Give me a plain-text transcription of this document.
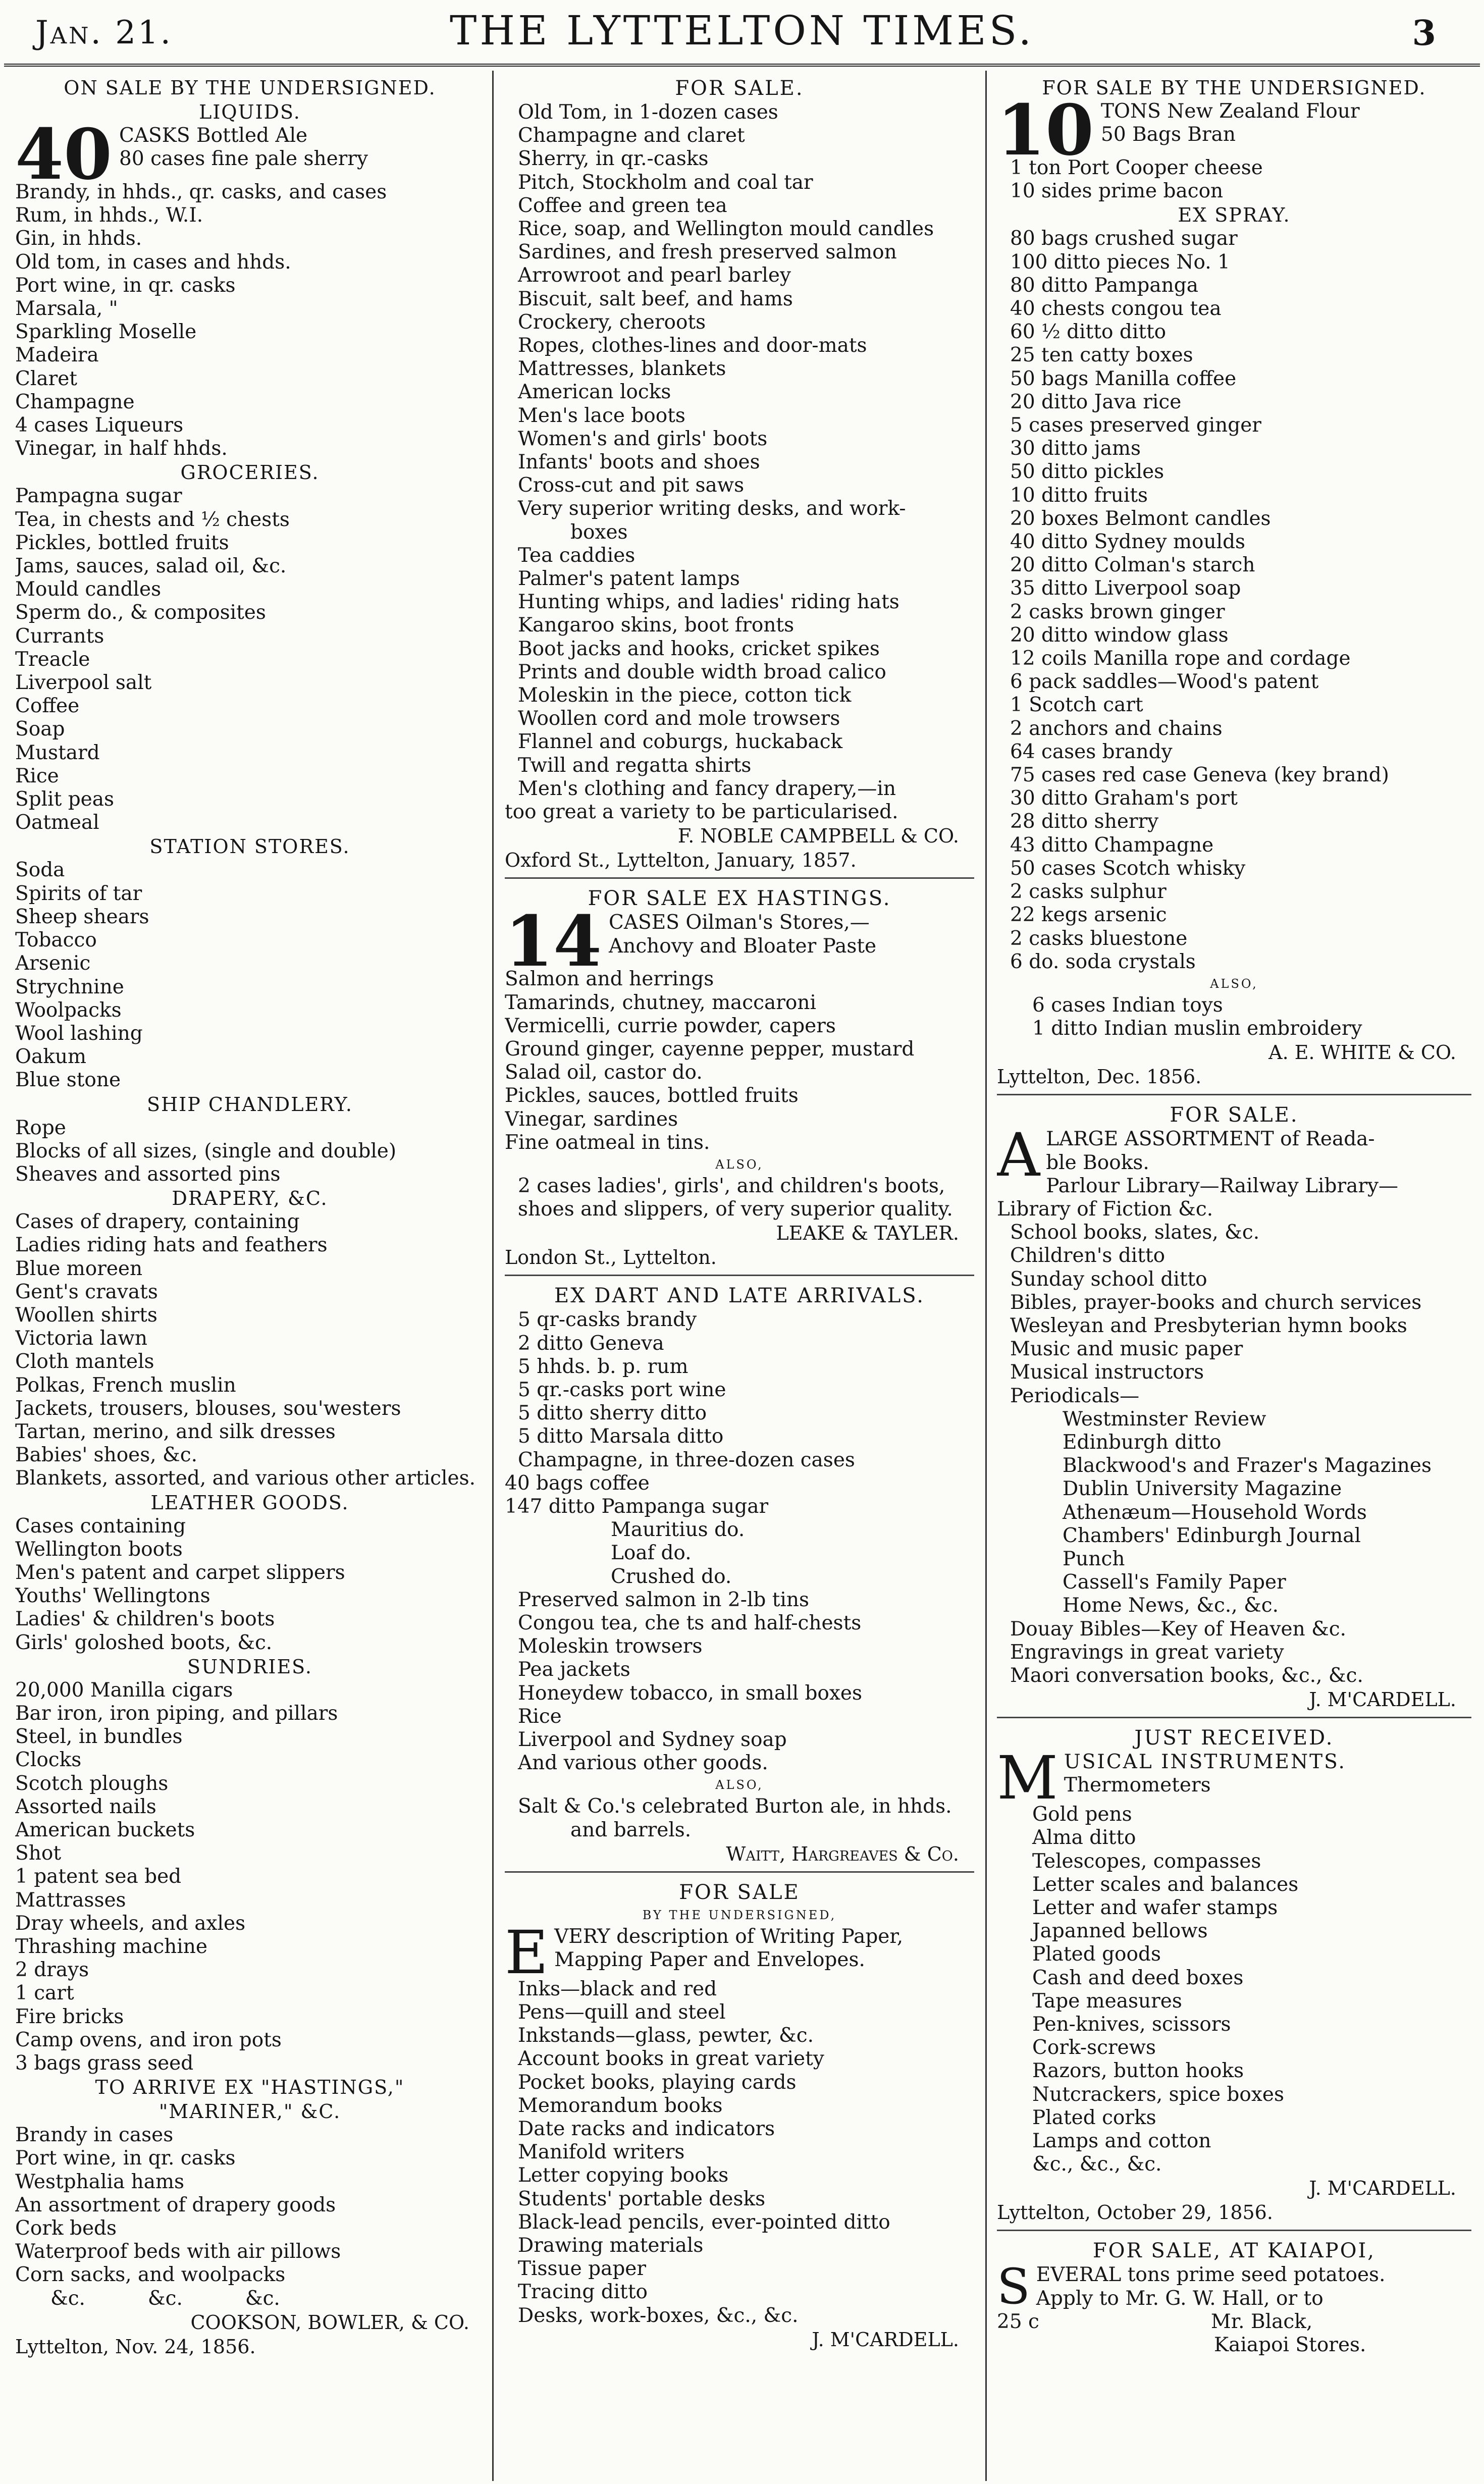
Jan. 21.	THE LYTTELTON TIMES.	3
ON SALE BY THE UNDERSIGNED.
LIQUIDS.
40 CASKS Bottled Ale
80 cases fine pale sherry
Brandy, in hhds., qr. casks, and cases
Rum, in hhds., W.I.
Gin, in hhds.
Old tom, in cases and hhds.
Port wine, in qr. casks
Marsala, "
Sparkling Moselle
Madeira
Claret
Champagne
4 cases Liqueurs
Vinegar, in half hhds.
GROCERIES.
Pampagna sugar
Tea, in chests and ½ chests
Pickles, bottled fruits
Jams, sauces, salad oil, &c.
Mould candles
Sperm do., & composites
Currants
Treacle
Liverpool salt
Coffee
Soap
Mustard
Rice
Split peas
Oatmeal
STATION STORES.
Soda
Spirits of tar
Sheep shears
Tobacco
Arsenic
Strychnine
Woolpacks
Wool lashing
Oakum
Blue stone
SHIP CHANDLERY.
Rope
Blocks of all sizes, (single and double)
Sheaves and assorted pins
DRAPERY, &C.
Cases of drapery, containing
Ladies riding hats and feathers
Blue moreen
Gent's cravats
Woollen shirts
Victoria lawn
Cloth mantels
Polkas, French muslin
Jackets, trousers, blouses, sou'westers
Tartan, merino, and silk dresses
Babies' shoes, &c.
Blankets, assorted, and various other articles.
LEATHER GOODS.
Cases containing
Wellington boots
Men's patent and carpet slippers
Youths' Wellingtons
Ladies' & children's boots
Girls' goloshed boots, &c.
SUNDRIES.
20,000 Manilla cigars
Bar iron, iron piping, and pillars
Steel, in bundles
Clocks
Scotch ploughs
Assorted nails
American buckets
Shot
1 patent sea bed
Mattrasses
Dray wheels, and axles
Thrashing machine
2 drays
1 cart
Fire bricks
Camp ovens, and iron pots
3 bags grass seed
TO ARRIVE EX "HASTINGS,"
"MARINER," &C.
Brandy in cases
Port wine, in qr. casks
Westphalia hams
An assortment of drapery goods
Cork beds
Waterproof beds with air pillows
Corn sacks, and woolpacks
&c.          &c.          &c.
COOKSON, BOWLER, & CO.
Lyttelton, Nov. 24, 1856.
FOR SALE.
Old Tom, in 1-dozen cases
Champagne and claret
Sherry, in qr.-casks
Pitch, Stockholm and coal tar
Coffee and green tea
Rice, soap, and Wellington mould candles
Sardines, and fresh preserved salmon
Arrowroot and pearl barley
Biscuit, salt beef, and hams
Crockery, cheroots
Ropes, clothes-lines and door-mats
Mattresses, blankets
American locks
Men's lace boots
Women's and girls' boots
Infants' boots and shoes
Cross-cut and pit saws
Very superior writing desks, and work-
boxes
Tea caddies
Palmer's patent lamps
Hunting whips, and ladies' riding hats
Kangaroo skins, boot fronts
Boot jacks and hooks, cricket spikes
Prints and double width broad calico
Moleskin in the piece, cotton tick
Woollen cord and mole trowsers
Flannel and coburgs, huckaback
Twill and regatta shirts
Men's clothing and fancy drapery,—in
too great a variety to be particularised.
F. NOBLE CAMPBELL & CO.
Oxford St., Lyttelton, January, 1857.
FOR SALE EX HASTINGS.
14 CASES Oilman's Stores,—
Anchovy and Bloater Paste
Salmon and herrings
Tamarinds, chutney, maccaroni
Vermicelli, currie powder, capers
Ground ginger, cayenne pepper, mustard
Salad oil, castor do.
Pickles, sauces, bottled fruits
Vinegar, sardines
Fine oatmeal in tins.
ALSO,
2 cases ladies', girls', and children's boots, shoes and slippers, of very superior quality.
LEAKE & TAYLER.
London St., Lyttelton.
EX DART AND LATE ARRIVALS.
5 qr-casks brandy
2 ditto Geneva
5 hhds. b. p. rum
5 qr.-casks port wine
5 ditto sherry ditto
5 ditto Marsala ditto
Champagne, in three-dozen cases
40 bags coffee
147 ditto Pampanga sugar
Mauritius do.
Loaf do.
Crushed do.
Preserved salmon in 2-lb tins
Congou tea, che ts and half-chests
Moleskin trowsers
Pea jackets
Honeydew tobacco, in small boxes
Rice
Liverpool and Sydney soap
And various other goods.
ALSO,
Salt & Co.'s celebrated Burton ale, in hhds.
and barrels.
Waitt, Hargreaves & Co.
FOR SALE
BY THE UNDERSIGNED,
E VERY description of Writing Paper,
Mapping Paper and Envelopes.
Inks—black and red
Pens—quill and steel
Inkstands—glass, pewter, &c.
Account books in great variety
Pocket books, playing cards
Memorandum books
Date racks and indicators
Manifold writers
Letter copying books
Students' portable desks
Black-lead pencils, ever-pointed ditto
Drawing materials
Tissue paper
Tracing ditto
Desks, work-boxes, &c., &c.
J. M'CARDELL.
FOR SALE BY THE UNDERSIGNED.
10 TONS New Zealand Flour
50 Bags Bran
1 ton Port Cooper cheese
10 sides prime bacon
EX SPRAY.
80 bags crushed sugar
100 ditto pieces No. 1
80 ditto Pampanga
40 chests congou tea
60 ½ ditto ditto
25 ten catty boxes
50 bags Manilla coffee
20 ditto Java rice
5 cases preserved ginger
30 ditto jams
50 ditto pickles
10 ditto fruits
20 boxes Belmont candles
40 ditto Sydney moulds
20 ditto Colman's starch
35 ditto Liverpool soap
2 casks brown ginger
20 ditto window glass
12 coils Manilla rope and cordage
6 pack saddles—Wood's patent
1 Scotch cart
2 anchors and chains
64 cases brandy
75 cases red case Geneva (key brand)
30 ditto Graham's port
28 ditto sherry
43 ditto Champagne
50 cases Scotch whisky
2 casks sulphur
22 kegs arsenic
2 casks bluestone
6 do. soda crystals
ALSO,
6 cases Indian toys
1 ditto Indian muslin embroidery
A. E. WHITE & CO.
Lyttelton, Dec. 1856.
FOR SALE.
A LARGE ASSORTMENT of Reada-
ble Books.
Parlour Library—Railway Library—
Library of Fiction &c.
School books, slates, &c.
Children's ditto
Sunday school ditto
Bibles, prayer-books and church services
Wesleyan and Presbyterian hymn books
Music and music paper
Musical instructors
Periodicals—
Westminster Review
Edinburgh ditto
Blackwood's and Frazer's Magazines
Dublin University Magazine
Athenæum—Household Words
Chambers' Edinburgh Journal
Punch
Cassell's Family Paper
Home News, &c., &c.
Douay Bibles—Key of Heaven &c.
Engravings in great variety
Maori conversation books, &c., &c.
J. M'CARDELL.
JUST RECEIVED.
M USICAL INSTRUMENTS.
Thermometers
Gold pens
Alma ditto
Telescopes, compasses
Letter scales and balances
Letter and wafer stamps
Japanned bellows
Plated goods
Cash and deed boxes
Tape measures
Pen-knives, scissors
Cork-screws
Razors, button hooks
Nutcrackers, spice boxes
Plated corks
Lamps and cotton
&c., &c., &c.
J. M'CARDELL.
Lyttelton, October 29, 1856.
FOR SALE, AT KAIAPOI,
S EVERAL tons prime seed potatoes.
Apply to Mr. G. W. Hall, or to
25 c	Mr. Black,
Kaiapoi Stores.
